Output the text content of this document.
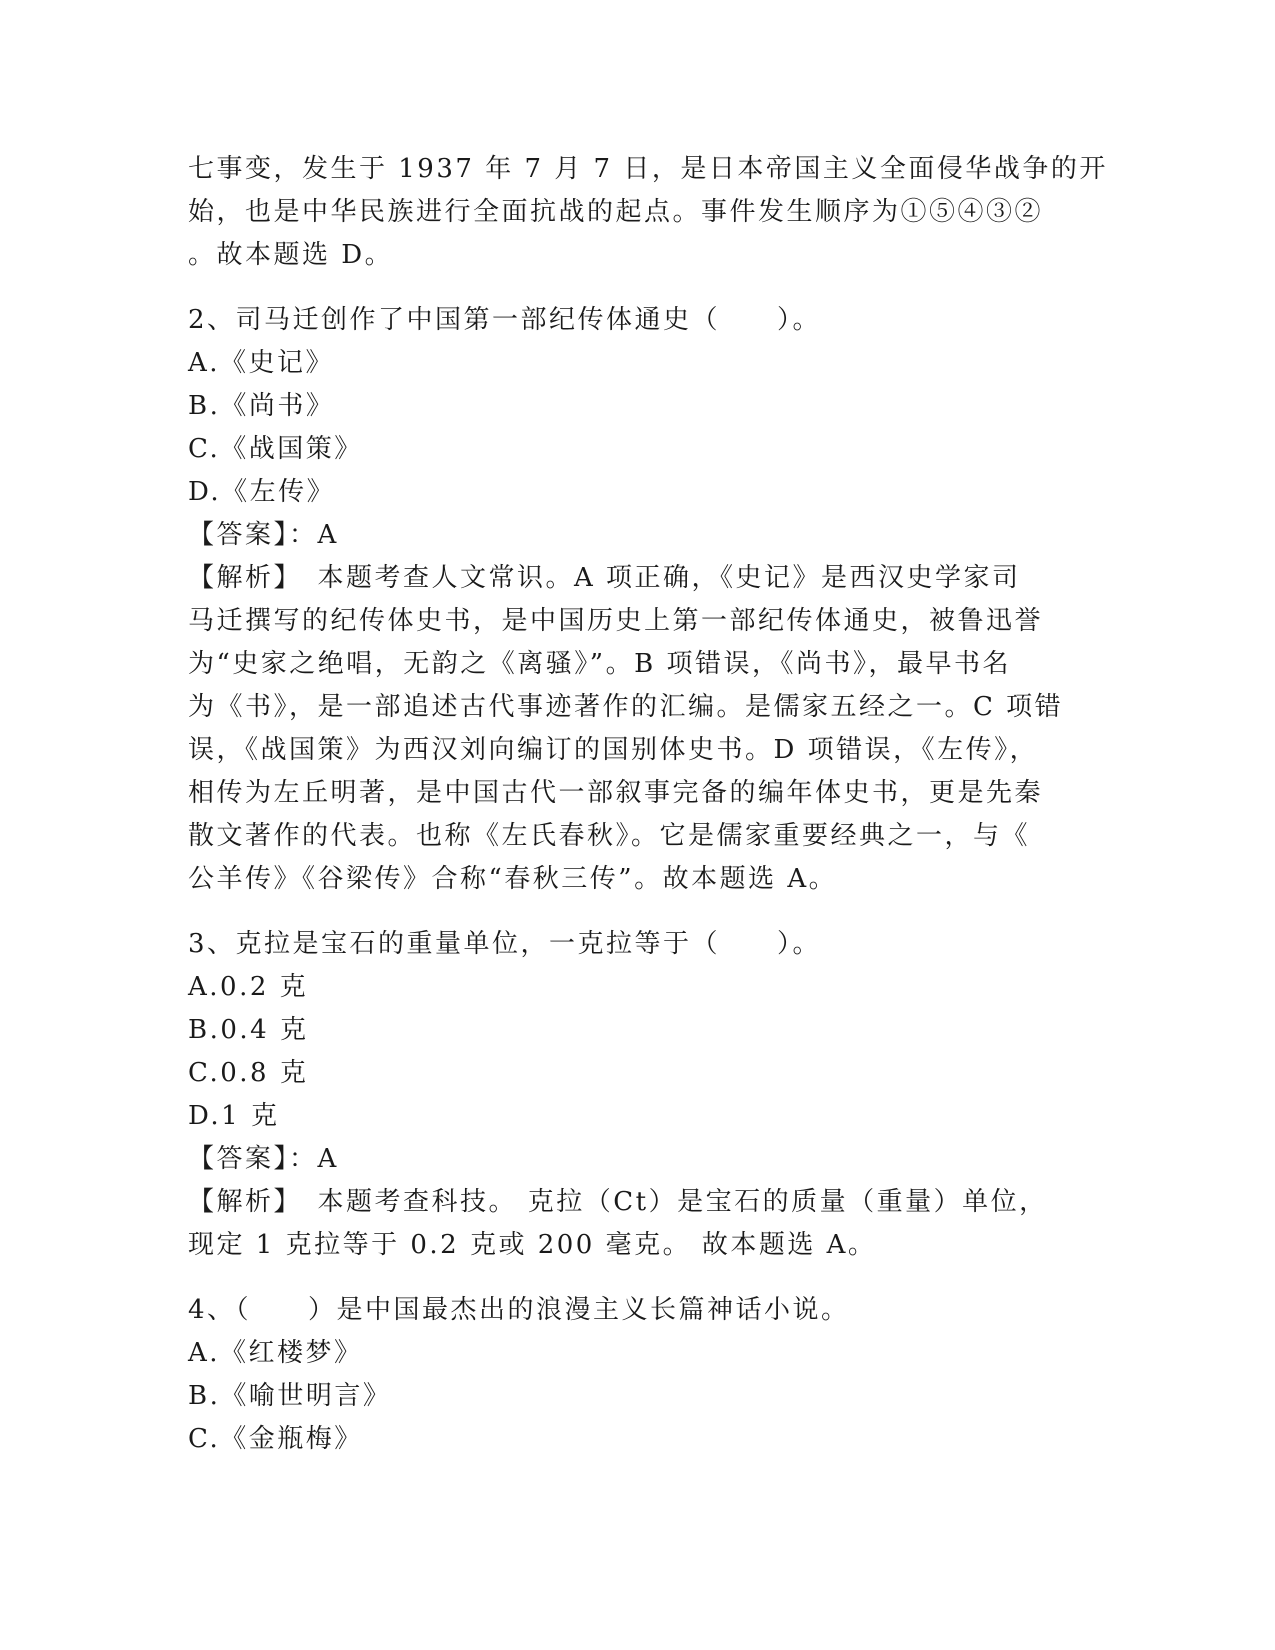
七事变，发生于 1937 年 7 月 7 日，是日本帝国主义全面侵华战争的开
始，也是中华民族进行全面抗战的起点。事件发生顺序为①⑤④③②
。故本题选 D。
2、司马迁创作了中国第一部纪传体通史（　　）。
A.《史记》
B.《尚书》
C.《战国策》
D.《左传》
【答案】：A
【解析】　本题考查人文常识。A 项正确，《史记》是西汉史学家司
马迁撰写的纪传体史书，是中国历史上第一部纪传体通史，被鲁迅誉
为“史家之绝唱，无韵之《离骚》”。B 项错误，《尚书》，最早书名
为《书》，是一部追述古代事迹著作的汇编。是儒家五经之一。C 项错
误，《战国策》为西汉刘向编订的国别体史书。D 项错误，《左传》，
相传为左丘明著，是中国古代一部叙事完备的编年体史书，更是先秦
散文著作的代表。也称《左氏春秋》。它是儒家重要经典之一，与《
公羊传》《谷梁传》合称“春秋三传”。故本题选 A。
3、克拉是宝石的重量单位，一克拉等于（　　）。
A.0.2 克
B.0.4 克
C.0.8 克
D.1 克
【答案】：A
【解析】　本题考查科技。 克拉（Ct）是宝石的质量（重量）单位，
现定 1 克拉等于 0.2 克或 200 毫克。 故本题选 A。
4、（　　）是中国最杰出的浪漫主义长篇神话小说。
A.《红楼梦》
B.《喻世明言》
C.《金瓶梅》
